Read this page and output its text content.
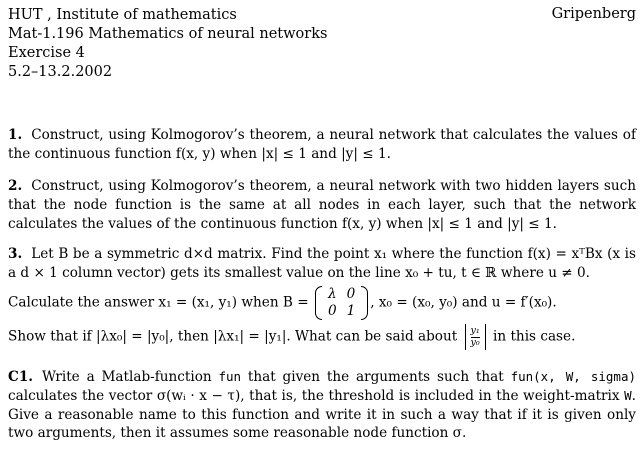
HUT , Institute of mathematics	Gripenberg
Mat-1.196 Mathematics of neural networks
Exercise 4
5.2–13.2.2002
1. Construct, using Kolmogorov’s theorem, a neural network that calculates the values of the continuous function f(x, y) when |x| ≤ 1 and |y| ≤ 1.
2. Construct, using Kolmogorov’s theorem, a neural network with two hidden layers such that the node function is the same at all nodes in each layer, such that the network calculates the values of the continuous function f(x, y) when |x| ≤ 1 and |y| ≤ 1.
3. Let B be a symmetric d×d matrix. Find the point x₁ where the function f(x) = xᵀBx (x is a d × 1 column vector) gets its smallest value on the line x₀ + tu, t ∈ ℝ where u ≠ 0.
Calculate the answer x₁ = (x₁, y₁) when B =
λ	0
0	1
, x₀ = (x₀, y₀) and u = f′(x₀).
Show that if |λx₀| = |y₀|, then |λx₁| = |y₁|. What can be said about $\frac{\text{y₁}}{\text{y₀}}$ in this case.
C1. Write a Matlab-function fun that given the arguments such that fun(x, W, sigma) calculates the vector σ(wᵢ · x − τ), that is, the threshold is included in the weight-matrix W. Give a reasonable name to this function and write it in such a way that if it is given only two arguments, then it assumes some reasonable node function σ.
